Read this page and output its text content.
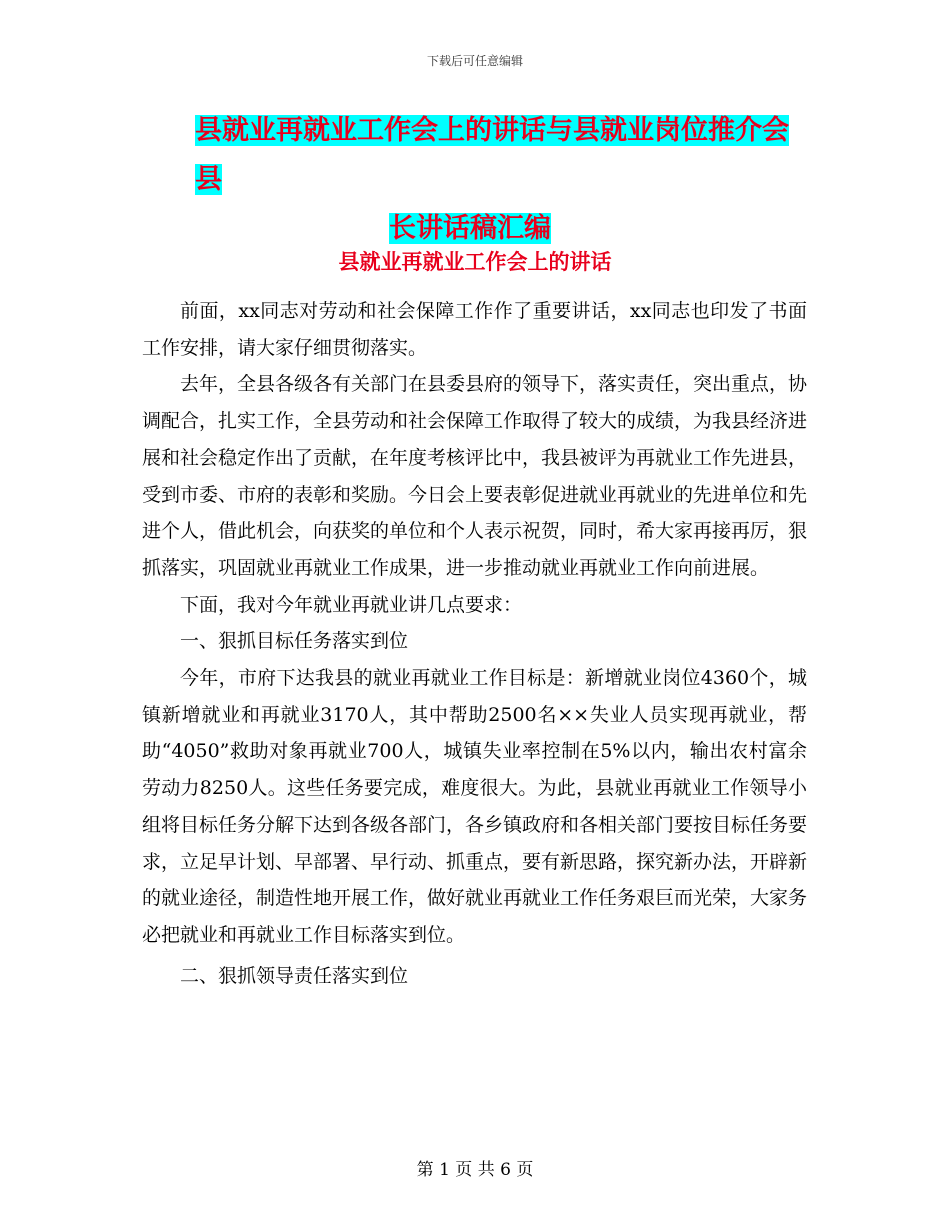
下载后可任意编辑
县就业再就业工作会上的讲话与县就业岗位推介会县

长讲话稿汇编
县就业再就业工作会上的讲话

前面，xx同志对劳动和社会保障工作作了重要讲话，xx同志也印发了书面工作安排，请大家仔细贯彻落实。

去年，全县各级各有关部门在县委县府的领导下，落实责任，突出重点，协调配合，扎实工作，全县劳动和社会保障工作取得了较大的成绩，为我县经济进展和社会稳定作出了贡献，在年度考核评比中，我县被评为再就业工作先进县，受到市委、市府的表彰和奖励。今日会上要表彰促进就业再就业的先进单位和先进个人，借此机会，向获奖的单位和个人表示祝贺，同时，希大家再接再厉，狠抓落实，巩固就业再就业工作成果，进一步推动就业再就业工作向前进展。

下面，我对今年就业再就业讲几点要求：

一、狠抓目标任务落实到位

今年，市府下达我县的就业再就业工作目标是：新增就业岗位4360个，城镇新增就业和再就业3170人，其中帮助2500名××失业人员实现再就业，帮助“4050”救助对象再就业700人，城镇失业率控制在5%以内，输出农村富余劳动力8250人。这些任务要完成，难度很大。为此，县就业再就业工作领导小组将目标任务分解下达到各级各部门，各乡镇政府和各相关部门要按目标任务要求，立足早计划、早部署、早行动、抓重点，要有新思路，探究新办法，开辟新的就业途径，制造性地开展工作，做好就业再就业工作任务艰巨而光荣，大家务必把就业和再就业工作目标落实到位。

二、狠抓领导责任落实到位

第 1 页 共 6 页
